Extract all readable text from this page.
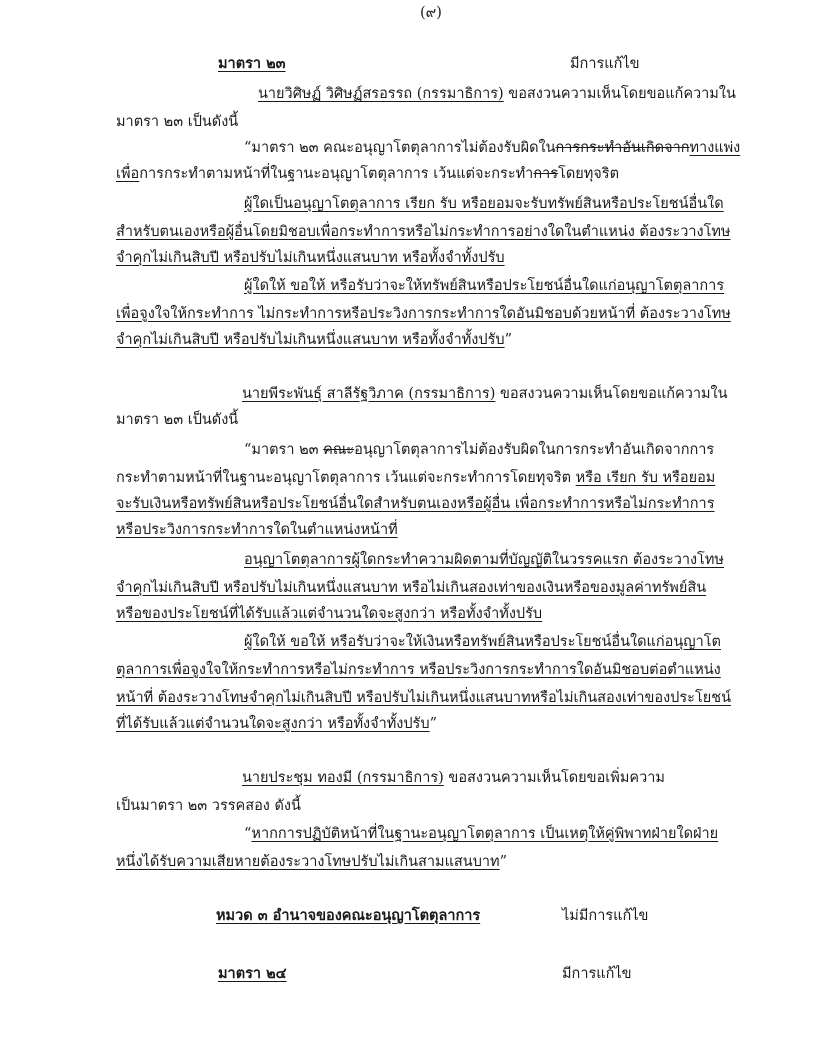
(๙)
มาตรา ๒๓	มีการแก้ไข
นายวิศิษฏ์ วิศิษฏ์สรอรรถ (กรรมาธิการ) ขอสงวนความเห็นโดยขอแก้ความใน
มาตรา ๒๓ เป็นดังนี้
“มาตรา ๒๓ คณะอนุญาโตตุลาการไม่ต้องรับผิดในการกระทำอันเกิดจากทางแพ่ง
เพื่อการกระทำตามหน้าที่ในฐานะอนุญาโตตุลาการ เว้นแต่จะกระทำการโดยทุจริต
ผู้ใดเป็นอนุญาโตตุลาการ เรียก รับ หรือยอมจะรับทรัพย์สินหรือประโยชน์อื่นใด
สำหรับตนเองหรือผู้อื่นโดยมิชอบเพื่อกระทำการหรือไม่กระทำการอย่างใดในตำแหน่ง ต้องระวางโทษ
จำคุกไม่เกินสิบปี หรือปรับไม่เกินหนึ่งแสนบาท หรือทั้งจำทั้งปรับ
ผู้ใดให้ ขอให้ หรือรับว่าจะให้ทรัพย์สินหรือประโยชน์อื่นใดแก่อนุญาโตตุลาการ
เพื่อจูงใจให้กระทำการ ไม่กระทำการหรือประวิงการกระทำการใดอันมิชอบด้วยหน้าที่ ต้องระวางโทษ
จำคุกไม่เกินสิบปี หรือปรับไม่เกินหนึ่งแสนบาท หรือทั้งจำทั้งปรับ”
นายพีระพันธุ์ สาลีรัฐวิภาค (กรรมาธิการ) ขอสงวนความเห็นโดยขอแก้ความใน
มาตรา ๒๓ เป็นดังนี้
“มาตรา ๒๓ คณะอนุญาโตตุลาการไม่ต้องรับผิดในการกระทำอันเกิดจากการ
กระทำตามหน้าที่ในฐานะอนุญาโตตุลาการ เว้นแต่จะกระทำการโดยทุจริต หรือ เรียก รับ หรือยอม
จะรับเงินหรือทรัพย์สินหรือประโยชน์อื่นใดสำหรับตนเองหรือผู้อื่น เพื่อกระทำการหรือไม่กระทำการ
หรือประวิงการกระทำการใดในตำแหน่งหน้าที่
อนุญาโตตุลาการผู้ใดกระทำความผิดตามที่บัญญัติในวรรคแรก ต้องระวางโทษ
จำคุกไม่เกินสิบปี หรือปรับไม่เกินหนึ่งแสนบาท หรือไม่เกินสองเท่าของเงินหรือของมูลค่าทรัพย์สิน
หรือของประโยชน์ที่ได้รับแล้วแต่จำนวนใดจะสูงกว่า หรือทั้งจำทั้งปรับ
ผู้ใดให้ ขอให้ หรือรับว่าจะให้เงินหรือทรัพย์สินหรือประโยชน์อื่นใดแก่อนุญาโต
ตุลาการเพื่อจูงใจให้กระทำการหรือไม่กระทำการ หรือประวิงการกระทำการใดอันมิชอบต่อตำแหน่ง
หน้าที่ ต้องระวางโทษจำคุกไม่เกินสิบปี หรือปรับไม่เกินหนึ่งแสนบาทหรือไม่เกินสองเท่าของประโยชน์
ที่ได้รับแล้วแต่จำนวนใดจะสูงกว่า หรือทั้งจำทั้งปรับ”
นายประชุม ทองมี (กรรมาธิการ) ขอสงวนความเห็นโดยขอเพิ่มความ
เป็นมาตรา ๒๓ วรรคสอง ดังนี้
“หากการปฏิบัติหน้าที่ในฐานะอนุญาโตตุลาการ เป็นเหตุให้คู่พิพาทฝ่ายใดฝ่าย
หนึ่งได้รับความเสียหายต้องระวางโทษปรับไม่เกินสามแสนบาท”
หมวด ๓ อำนาจของคณะอนุญาโตตุลาการ	ไม่มีการแก้ไข
มาตรา ๒๔	มีการแก้ไข
